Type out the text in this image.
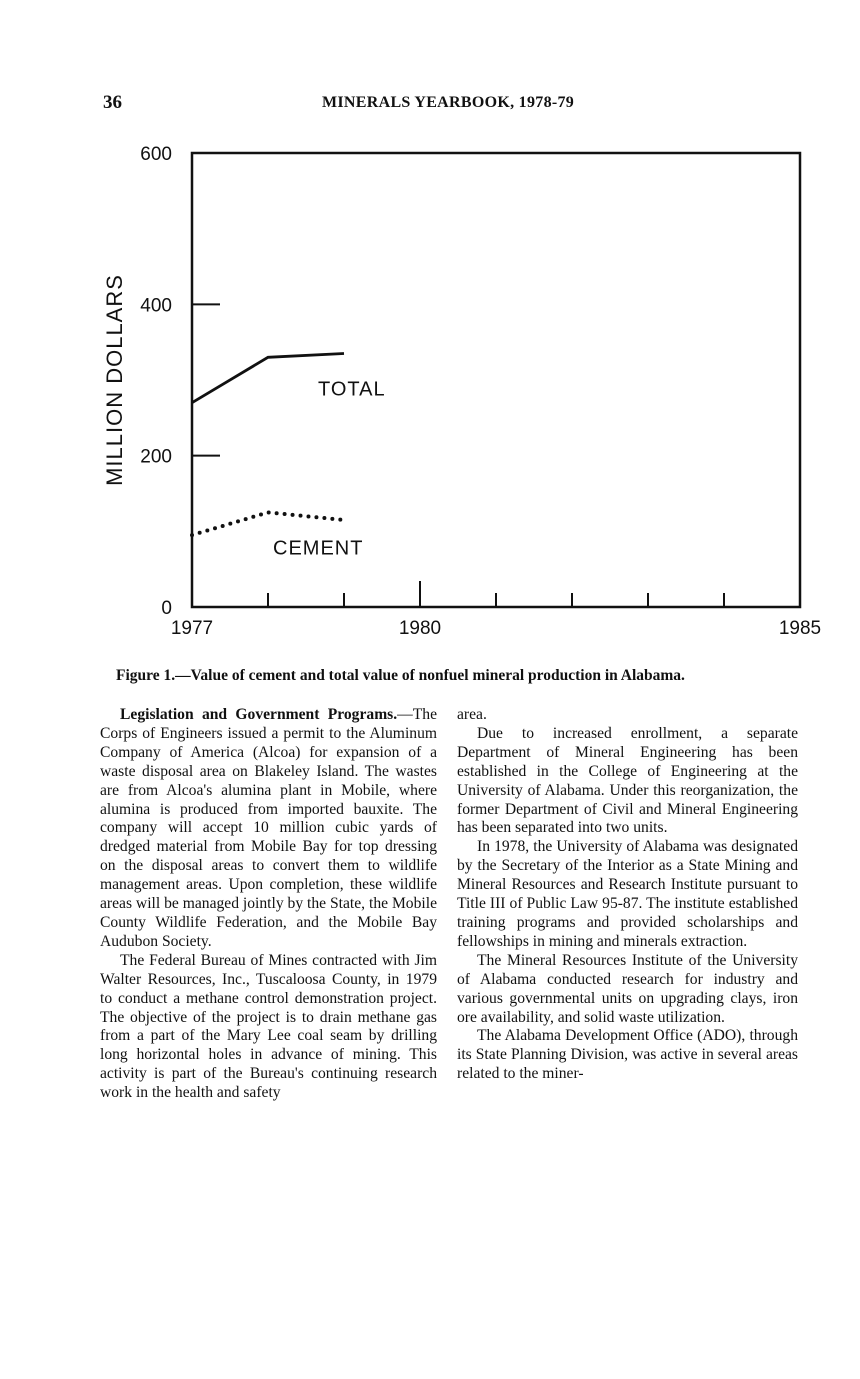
36	MINERALS YEARBOOK, 1978-79
0
200
400
600
1977	1980	1985
MILLION DOLLARS	TOTAL
CEMENT
Figure 1.—Value of cement and total value of nonfuel mineral production in Alabama.

Legislation and Government Programs.—The Corps of Engineers issued a permit to the Aluminum Company of America (Alcoa) for expansion of a waste disposal area on Blakeley Island. The wastes are from Alcoa's alumina plant in Mobile, where alumina is produced from imported bauxite. The company will accept 10 million cubic yards of dredged material from Mobile Bay for top dressing on the disposal areas to convert them to wildlife management areas. Upon completion, these wildlife areas will be managed jointly by the State, the Mobile County Wildlife Federation, and the Mobile Bay Audubon Society.

The Federal Bureau of Mines contracted with Jim Walter Resources, Inc., Tuscaloosa County, in 1979 to conduct a methane control demonstration project. The objective of the project is to drain methane gas from a part of the Mary Lee coal seam by drilling long horizontal holes in advance of mining. This activity is part of the Bureau's continuing research work in the health and safety

area.

Due to increased enrollment, a separate Department of Mineral Engineering has been established in the College of Engineering at the University of Alabama. Under this reorganization, the former Department of Civil and Mineral Engineering has been separated into two units.

In 1978, the University of Alabama was designated by the Secretary of the Interior as a State Mining and Mineral Resources and Research Institute pursuant to Title III of Public Law 95-87. The institute established training programs and provided scholarships and fellowships in mining and minerals extraction.

The Mineral Resources Institute of the University of Alabama conducted research for industry and various governmental units on upgrading clays, iron ore availability, and solid waste utilization.

The Alabama Development Office (ADO), through its State Planning Division, was active in several areas related to the miner-
